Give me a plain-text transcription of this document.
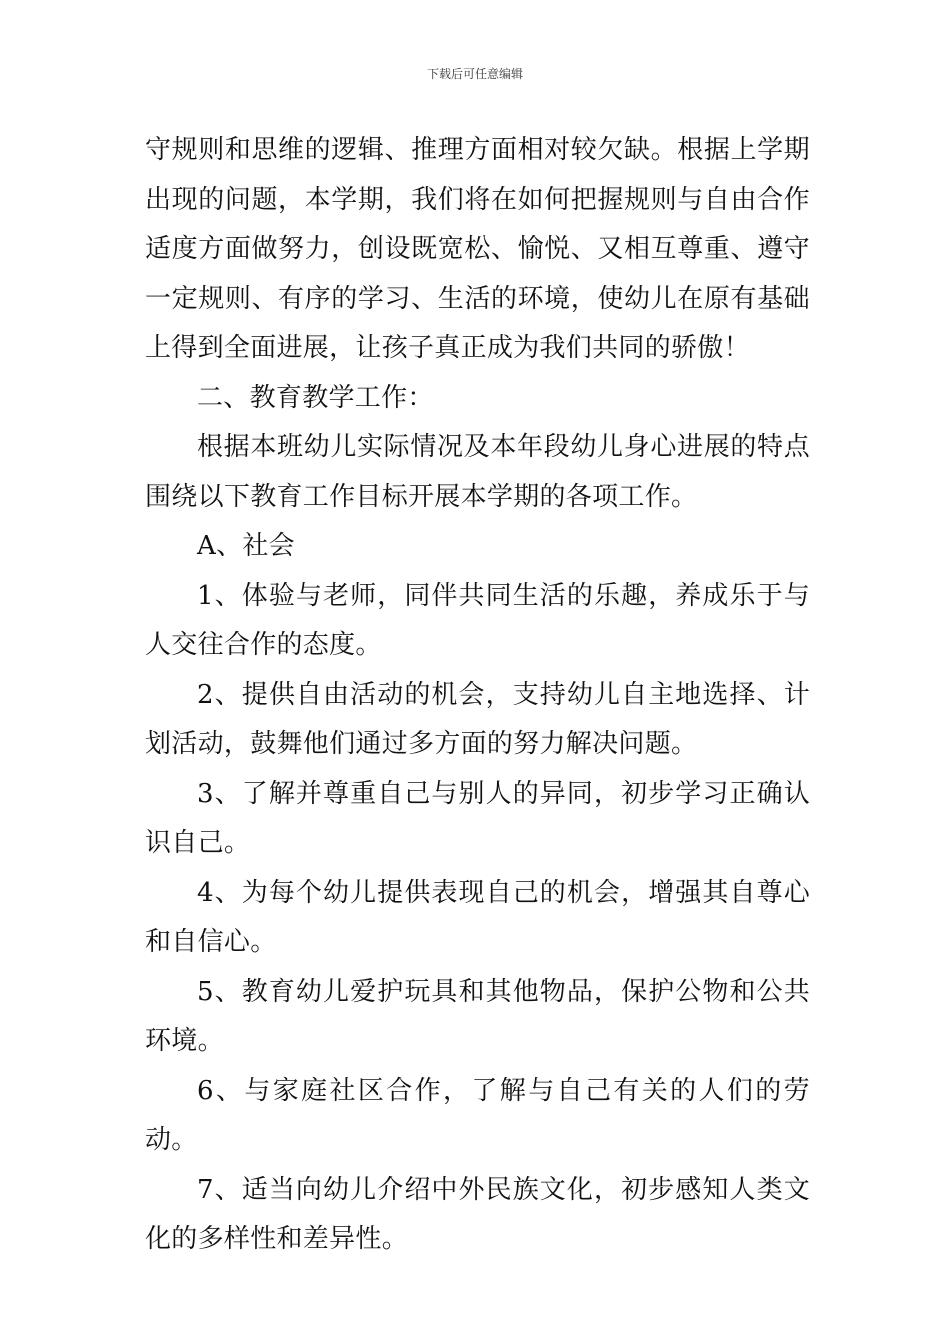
下载后可任意编辑

守规则和思维的逻辑、推理方面相对较欠缺。根据上学期出现的问题，本学期，我们将在如何把握规则与自由合作适度方面做努力，创设既宽松、愉悦、又相互尊重、遵守一定规则、有序的学习、生活的环境，使幼儿在原有基础上得到全面进展，让孩子真正成为我们共同的骄傲！

二、教育教学工作：

根据本班幼儿实际情况及本年段幼儿身心进展的特点围绕以下教育工作目标开展本学期的各项工作。

A、社会

1、体验与老师，同伴共同生活的乐趣，养成乐于与人交往合作的态度。

2、提供自由活动的机会，支持幼儿自主地选择、计划活动，鼓舞他们通过多方面的努力解决问题。

3、了解并尊重自己与别人的异同，初步学习正确认识自己。

4、为每个幼儿提供表现自己的机会，增强其自尊心和自信心。

5、教育幼儿爱护玩具和其他物品，保护公物和公共环境。

6、与家庭社区合作，了解与自己有关的人们的劳动。

7、适当向幼儿介绍中外民族文化，初步感知人类文化的多样性和差异性。
